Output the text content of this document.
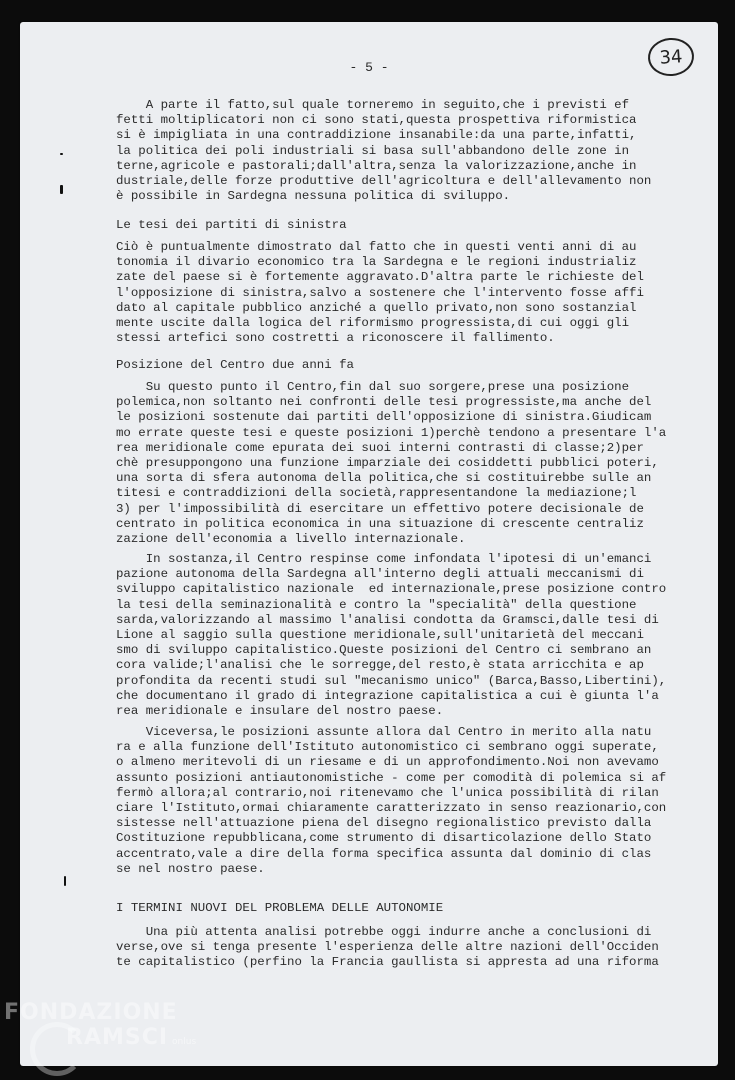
- 5 -	34
A parte il fatto,sul quale torneremo in seguito,che i previsti ef
fetti moltiplicatori non ci sono stati,questa prospettiva riformistica
si è impigliata in una contraddizione insanabile:da una parte,infatti,
la politica dei poli industriali si basa sull'abbandono delle zone in
terne,agricole e pastorali;dall'altra,senza la valorizzazione,anche in
dustriale,delle forze produttive dell'agricoltura e dell'allevamento non
è possibile in Sardegna nessuna politica di sviluppo.
Le tesi dei partiti di sinistra
Ciò è puntualmente dimostrato dal fatto che in questi venti anni di au
tonomia il divario economico tra la Sardegna e le regioni industrializ
zate del paese si è fortemente aggravato.D'altra parte le richieste del
l'opposizione di sinistra,salvo a sostenere che l'intervento fosse affi
dato al capitale pubblico anziché a quello privato,non sono sostanzial
mente uscite dalla logica del riformismo progressista,di cui oggi gli
stessi artefici sono costretti a riconoscere il fallimento.
Posizione del Centro due anni fa
Su questo punto il Centro,fin dal suo sorgere,prese una posizione
polemica,non soltanto nei confronti delle tesi progressiste,ma anche del
le posizioni sostenute dai partiti dell'opposizione di sinistra.Giudicam
mo errate queste tesi e queste posizioni 1)perchè tendono a presentare l'a
rea meridionale come epurata dei suoi interni contrasti di classe;2)per
chè presuppongono una funzione imparziale dei cosiddetti pubblici poteri,
una sorta di sfera autonoma della politica,che si costituirebbe sulle an
titesi e contraddizioni della società,rappresentandone la mediazione;l
3) per l'impossibilità di esercitare un effettivo potere decisionale de
centrato in politica economica in una situazione di crescente centraliz
zazione dell'economia a livello internazionale.
In sostanza,il Centro respinse come infondata l'ipotesi di un'emanci
pazione autonoma della Sardegna all'interno degli attuali meccanismi di
sviluppo capitalistico nazionale  ed internazionale,prese posizione contro
la tesi della seminazionalità e contro la "specialità" della questione
sarda,valorizzando al massimo l'analisi condotta da Gramsci,dalle tesi di
Lione al saggio sulla questione meridionale,sull'unitarietà del meccani
smo di sviluppo capitalistico.Queste posizioni del Centro ci sembrano an
cora valide;l'analisi che le sorregge,del resto,è stata arricchita e ap
profondita da recenti studi sul "mecanismo unico" (Barca,Basso,Libertini),
che documentano il grado di integrazione capitalistica a cui è giunta l'a
rea meridionale e insulare del nostro paese.
Viceversa,le posizioni assunte allora dal Centro in merito alla natu
ra e alla funzione dell'Istituto autonomistico ci sembrano oggi superate,
o almeno meritevoli di un riesame e di un approfondimento.Noi non avevamo
assunto posizioni antiautonomistiche - come per comodità di polemica si af
fermò allora;al contrario,noi ritenevamo che l'unica possibilità di rilan
ciare l'Istituto,ormai chiaramente caratterizzato in senso reazionario,con
sistesse nell'attuazione piena del disegno regionalistico previsto dalla
Costituzione repubblicana,come strumento di disarticolazione dello Stato
accentrato,vale a dire della forma specifica assunta dal dominio di clas
se nel nostro paese.
I TERMINI NUOVI DEL PROBLEMA DELLE AUTONOMIE
Una più attenta analisi potrebbe oggi indurre anche a conclusioni di
verse,ove si tenga presente l'esperienza delle altre nazioni dell'Occiden
te capitalistico (perfino la Francia gaullista si appresta ad una riforma
FONDAZIONE
RAMSCI onlus
